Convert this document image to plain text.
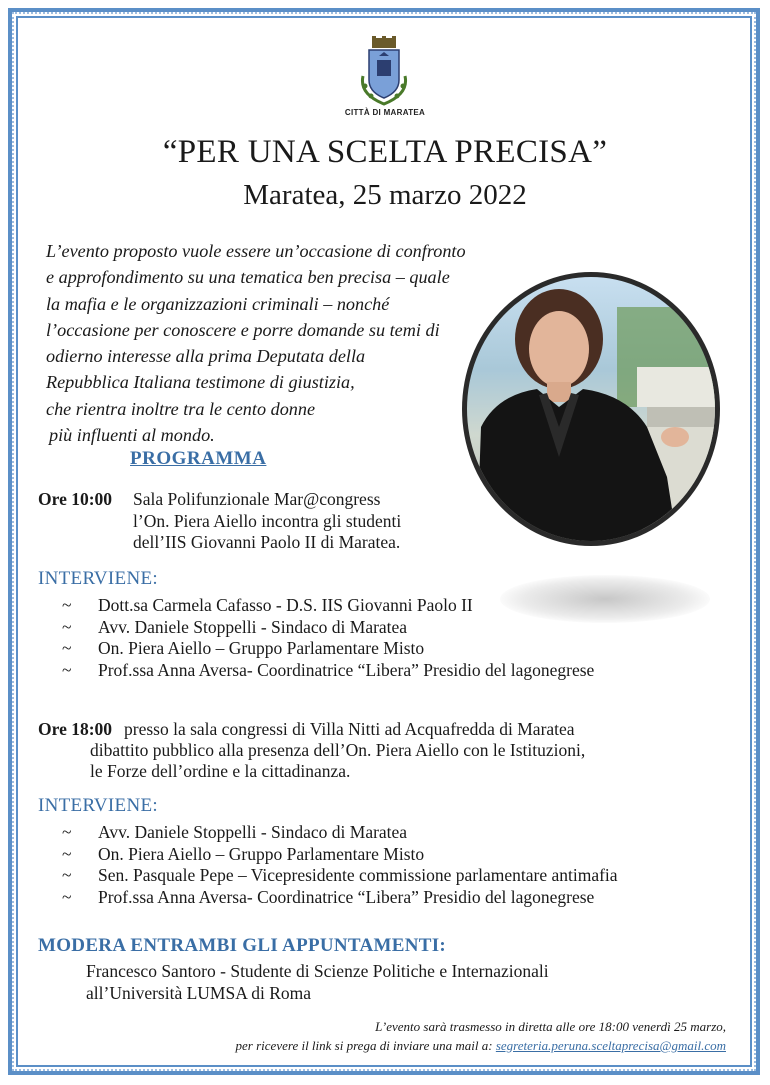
CITTÀ DI MARATEA
“PER UNA SCELTA PRECISA”
Maratea, 25 marzo 2022
L’evento proposto vuole essere un’occasione di confronto
e approfondimento su una tematica ben precisa – quale
la mafia e le organizzazioni criminali – nonché
l’occasione per conoscere e porre domande su temi di
odierno interesse alla prima Deputata della
Repubblica Italiana testimone di giustizia,
che rientra inoltre tra le cento donne
più influenti al mondo.
PROGRAMMA
Ore 10:00 Sala Polifunzionale Mar@congress
l’On. Piera Aiello incontra gli studenti
dell’IIS Giovanni Paolo II di Maratea.
INTERVIENE:
~ Dott.sa Carmela Cafasso - D.S. IIS Giovanni Paolo II
~ Avv. Daniele Stoppelli - Sindaco di Maratea
~ On. Piera Aiello – Gruppo Parlamentare Misto
~ Prof.ssa Anna Aversa- Coordinatrice “Libera” Presidio del lagonegrese
Ore 18:00 presso la sala congressi di Villa Nitti ad Acquafredda di Maratea
dibattito pubblico alla presenza dell’On. Piera Aiello con le Istituzioni,
le Forze dell’ordine e la cittadinanza.
INTERVIENE:
~ Avv. Daniele Stoppelli - Sindaco di Maratea
~ On. Piera Aiello – Gruppo Parlamentare Misto
~ Sen. Pasquale Pepe – Vicepresidente commissione parlamentare antimafia
~ Prof.ssa Anna Aversa- Coordinatrice “Libera” Presidio del lagonegrese
MODERA ENTRAMBI GLI APPUNTAMENTI:
Francesco Santoro - Studente di Scienze Politiche e Internazionali
all’Università LUMSA di Roma
L’evento sarà trasmesso in diretta alle ore 18:00 venerdì 25 marzo,
per ricevere il link si prega di inviare una mail a: segreteria.peruna.sceltaprecisa@gmail.com
